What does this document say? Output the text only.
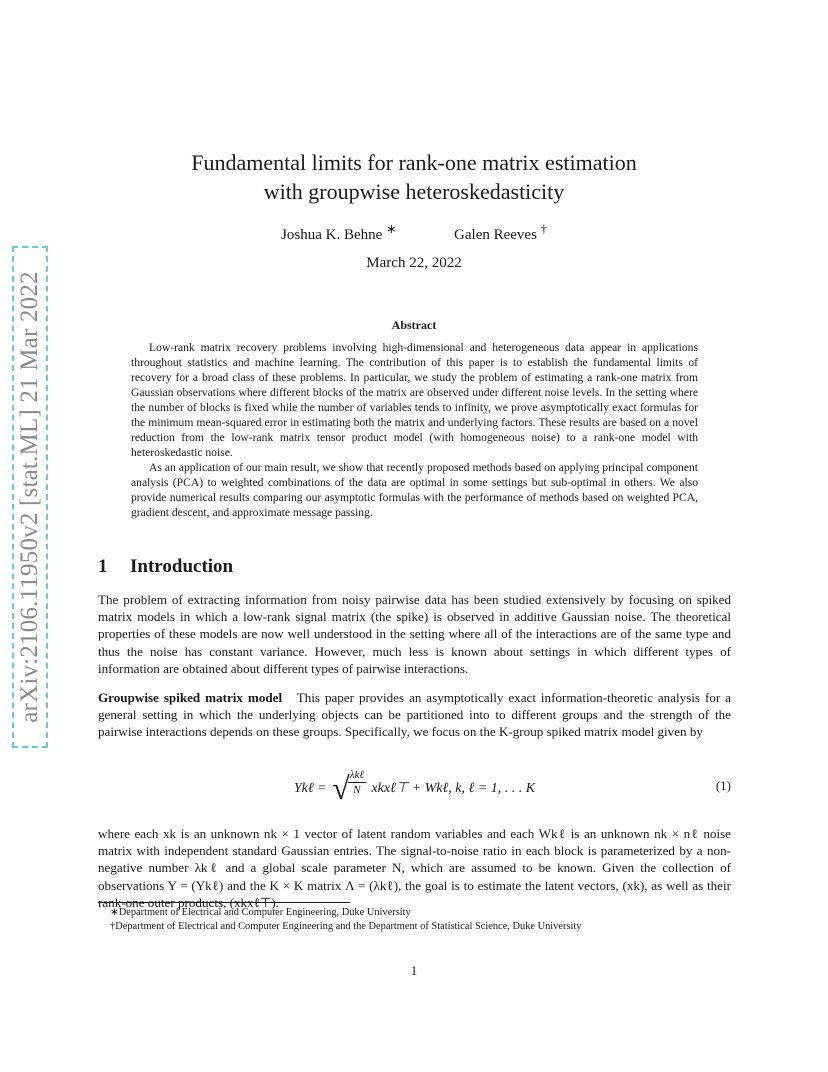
arXiv:2106.11950v2 [stat.ML] 21 Mar 2022
Fundamental limits for rank-one matrix estimation
with groupwise heteroskedasticity
Joshua K. Behne ∗	Galen Reeves †
March 22, 2022
Abstract

Low-rank matrix recovery problems involving high-dimensional and heterogeneous data appear in applications throughout statistics and machine learning. The contribution of this paper is to establish the fundamental limits of recovery for a broad class of these problems. In particular, we study the problem of estimating a rank-one matrix from Gaussian observations where different blocks of the matrix are observed under different noise levels. In the setting where the number of blocks is fixed while the number of variables tends to infinity, we prove asymptotically exact formulas for the minimum mean-squared error in estimating both the matrix and underlying factors. These results are based on a novel reduction from the low-rank matrix tensor product model (with homogeneous noise) to a rank-one model with heteroskedastic noise.

As an application of our main result, we show that recently proposed methods based on applying principal component analysis (PCA) to weighted combinations of the data are optimal in some settings but sub-optimal in others. We also provide numerical results comparing our asymptotic formulas with the performance of methods based on weighted PCA, gradient descent, and approximate message passing.

1 Introduction

The problem of extracting information from noisy pairwise data has been studied extensively by focusing on spiked matrix models in which a low-rank signal matrix (the spike) is observed in additive Gaussian noise. The theoretical properties of these models are now well understood in the setting where all of the interactions are of the same type and thus the noise has constant variance. However, much less is known about settings in which different types of information are obtained about different types of pairwise interactions.

Groupwise spiked matrix model This paper provides an asymptotically exact information-theoretic analysis for a general setting in which the underlying objects can be partitioned into to different groups and the strength of the pairwise interactions depends on these groups. Specifically, we focus on the K-group spiked matrix model given by

Ykℓ = √ λkℓ
N xkxℓ⊤ + Wkℓ, k, ℓ = 1, . . . K	(1)

where each xk is an unknown nk × 1 vector of latent random variables and each Wkℓ is an unknown nk × nℓ noise matrix with independent standard Gaussian entries. The signal-to-noise ratio in each block is parameterized by a non-negative number λkℓ and a global scale parameter N, which are assumed to be known. Given the collection of observations Y = (Ykℓ) and the K × K matrix Λ = (λkℓ), the goal is to estimate the latent vectors, (xk), as well as their rank-one outer products, (xkxℓ⊤).

∗Department of Electrical and Computer Engineering, Duke University
†Department of Electrical and Computer Engineering and the Department of Statistical Science, Duke University
1
